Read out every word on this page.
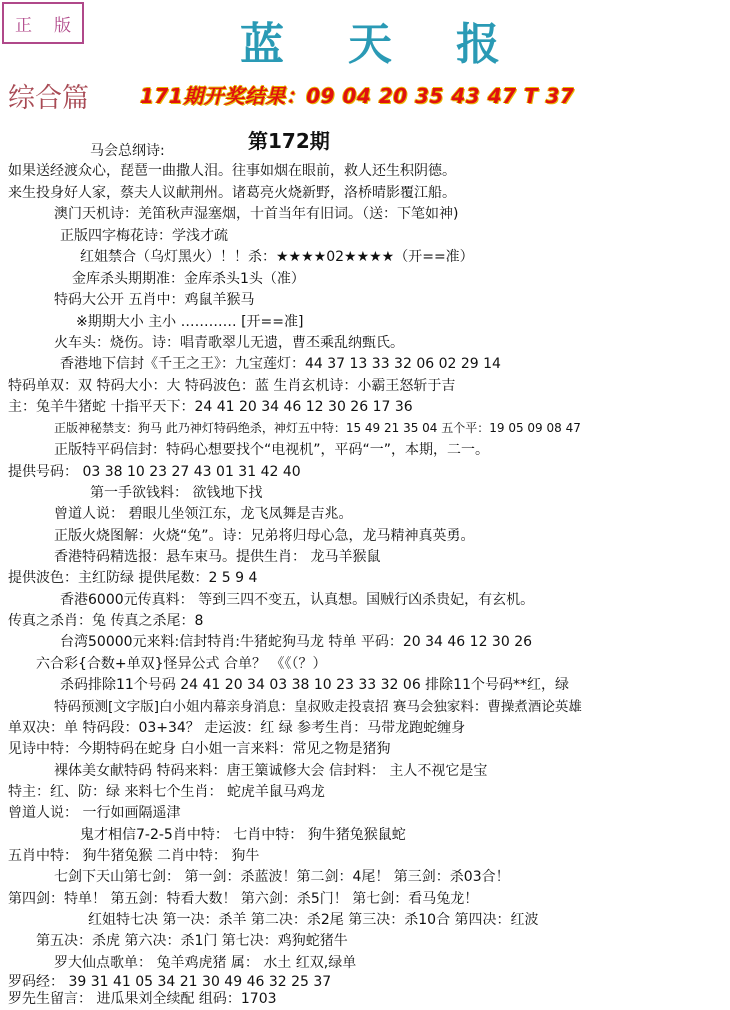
正 版	蓝 天 报
综合篇	171期开奖结果：09 04 20 35 43 47 T 37
马会总纲诗:	第172期
如果送经渡众心，琵琶一曲撒人泪。往事如烟在眼前，救人还生积阴德。
来生投身好人家，蔡夫人议献荆州。诸葛亮火烧新野，洛桥晴影覆江船。
澳门天机诗：羌笛秋声湿塞烟，十首当年有旧词。（送：下笔如神)
正版四字梅花诗：学浅才疏
红姐禁合（乌灯黑火）！！杀：★★★★02★★★★（开==准）
金库杀头期期准：金库杀头1头（准）
特码大公开 五肖中：鸡鼠羊猴马
※期期大小 主小 ………… [开==准]
火车头：烧伤。诗：唱青歌翠儿无遗，曹丕乘乱纳甄氏。
香港地下信封《千王之王》：九宝莲灯：44 37 13 33 32 06 02 29 14
特码单双：双 特码大小：大 特码波色：蓝 生肖玄机诗：小霸王怒斩于吉
主：兔羊牛猪蛇 十指平天下：24 41 20 34 46 12 30 26 17 36
正版神秘禁支：狗马 此乃神灯特码绝杀，神灯五中特：15 49 21 35 04 五个平：19 05 09 08 47
正版特平码信封：特码心想要找个“电视机”，平码“一”，本期，二一。
提供号码： 03 38 10 23 27 43 01 31 42 40
第一手欲钱料： 欲钱地下找
曾道人说： 碧眼儿坐领江东，龙飞凤舞是吉兆。
正版火烧图解：火烧“兔”。诗：兄弟将归母心急，龙马精神真英勇。
香港特码精选报：悬车束马。提供生肖： 龙马羊猴鼠
提供波色：主红防绿 提供尾数：2 5 9 4
香港6000元传真料： 等到三四不变五，认真想。国贼行凶杀贵妃，有玄机。
传真之杀肖：兔 传真之杀尾：8
台湾50000元来料:信封特肖:牛猪蛇狗马龙 特单 平码：20 34 46 12 30 26
六合彩{合数+单双}怪异公式 合单？ 《《（？）
杀码排除11个号码 24 41 20 34 03 38 10 23 33 32 06 排除11个号码**红，绿
特码预测[文字版]白小姐内幕亲身消息：皇叔败走投袁招 赛马会独家料：曹操煮酒论英雄
单双决：单 特码段：03+34？ 走运波：红 绿 参考生肖：马带龙跑蛇缠身
见诗中特：今期特码在蛇身 白小姐一言来料：常见之物是猪狗
裸体美女献特码 特码来料：唐王篥诚修大会 信封料： 主人不视它是宝
特主：红、防：绿 来料七个生肖： 蛇虎羊鼠马鸡龙
曾道人说： 一行如画隔遥津
鬼才相信7-2-5肖中特： 七肖中特： 狗牛猪兔猴鼠蛇
五肖中特： 狗牛猪兔猴 二肖中特： 狗牛
七剑下天山第七剑： 第一剑：杀蓝波！第二剑：4尾！ 第三剑：杀03合！
第四剑：特单！ 第五剑：特看大数！ 第六剑：杀5门！ 第七剑：看马兔龙！
红姐特七决 第一决：杀羊 第二决：杀2尾 第三决：杀10合 第四决：红波
第五决：杀虎 第六决：杀1门 第七决：鸡狗蛇猪牛
罗大仙点歌单： 兔羊鸡虎猪 属： 水土 红双,绿单
罗码经： 39 31 41 05 34 21 30 49 46 32 25 37
罗先生留言： 进瓜果刘全续配 组码：1703
